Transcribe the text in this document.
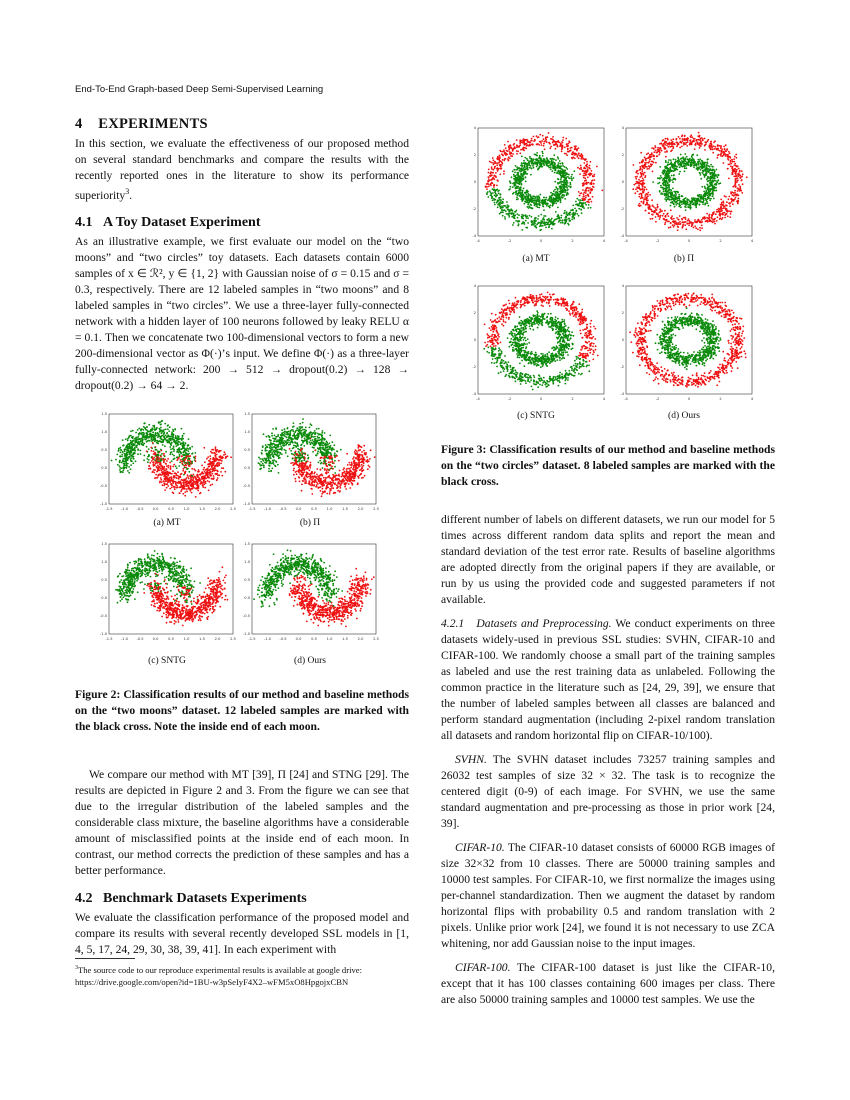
End-To-End Graph-based Deep Semi-Supervised Learning
4 EXPERIMENTS

In this section, we evaluate the effectiveness of our proposed method on several standard benchmarks and compare the results with the recently reported ones in the literature to show its performance superiority$^3$.

4.1 A Toy Dataset Experiment

As an illustrative example, we first evaluate our model on the “two moons” and “two circles” toy datasets. Each datasets contain 6000 samples of x ∈ ℛ², y ∈ {1, 2} with Gaussian noise of σ = 0.15 and σ = 0.3, respectively. There are 12 labeled samples in “two moons” and 8 labeled samples in “two circles”. We use a three-layer fully-connected network with a hidden layer of 100 neurons followed by leaky RELU α = 0.1. Then we concatenate two 100-dimensional vectors to form a new 200-dimensional vector as Φ(·)’s input. We define Φ(·) as a three-layer fully-connected network: 200 → 512 → dropout(0.2) → 128 → dropout(0.2) → 64 → 2.

-1.5 -1.0 -0.5	0.0	0.5	1.0	1.5	2.0	2.5
1.5
1.0
0.5
0.0
-0.5
-1.0
-1.5 -1.0 -0.5	0.0	0.5	1.0	1.5	2.0	2.5
1.5
1.0
0.5
0.0
-0.5
-1.0
-1.5 -1.0 -0.5	0.0	0.5	1.0	1.5	2.0	2.5
1.5
1.0
0.5
0.0
-0.5
-1.0
-1.5 -1.0 -0.5	0.0	0.5	1.0	1.5	2.0	2.5
1.5
1.0
0.5
0.0
-0.5
-1.0
(a) MT	(b) Π
(c) SNTG	(d) Ours
Figure 2: Classification results of our method and baseline methods on the “two moons” dataset. 12 labeled samples are marked with the black cross. Note the inside end of each moon.

We compare our method with MT [39], Π [24] and STNG [29]. The results are depicted in Figure 2 and 3. From the figure we can see that due to the irregular distribution of the labeled samples and the considerable class mixture, the baseline algorithms have a considerable amount of misclassified points at the inside end of each moon. In contrast, our method corrects the prediction of these samples and has a better performance.

4.2 Benchmark Datasets Experiments

We evaluate the classification performance of the proposed model and compare its results with several recently developed SSL models in [1, 4, 5, 17, 24, 29, 30, 38, 39, 41]. In each experiment with

$^3$The source code to our reproduce experimental results is available at google drive: https://drive.google.com/open?id=1BU-w3pSeIyF4X2–wFM5xO8HpgojxCBN
-4	-2	0	2	4
4
2
0
-2
-4
-4	-2	0	2	4
4
2
0
-2
-4
-4	-2	0	2	4
4
2
0
-2
-4
-4	-2	0	2	4
4
2
0
-2
-4
(a) MT	(b) Π
(c) SNTG	(d) Ours
Figure 3: Classification results of our method and baseline methods on the “two circles” dataset. 8 labeled samples are marked with the black cross.

different number of labels on different datasets, we run our model for 5 times across different random data splits and report the mean and standard deviation of the test error rate. Results of baseline algorithms are adopted directly from the original papers if they are available, or run by us using the provided code and suggested parameters if not available.

4.2.1 Datasets and Preprocessing. We conduct experiments on three datasets widely-used in previous SSL studies: SVHN, CIFAR-10 and CIFAR-100. We randomly choose a small part of the training samples as labeled and use the rest training data as unlabeled. Following the common practice in the literature such as [24, 29, 39], we ensure that the number of labeled samples between all classes are balanced and perform standard augmentation (including 2-pixel random translation all datasets and random horizontal flip on CIFAR-10/100).

SVHN. The SVHN dataset includes 73257 training samples and 26032 test samples of size 32 × 32. The task is to recognize the centered digit (0-9) of each image. For SVHN, we use the same standard augmentation and pre-processing as those in prior work [24, 39].

CIFAR-10. The CIFAR-10 dataset consists of 60000 RGB images of size 32×32 from 10 classes. There are 50000 training samples and 10000 test samples. For CIFAR-10, we first normalize the images using per-channel standardization. Then we augment the dataset by random horizontal flips with probability 0.5 and random translation with 2 pixels. Unlike prior work [24], we found it is not necessary to use ZCA whitening, nor add Gaussian noise to the input images.

CIFAR-100. The CIFAR-100 dataset is just like the CIFAR-10, except that it has 100 classes containing 600 images per class. There are also 50000 training samples and 10000 test samples. We use the
